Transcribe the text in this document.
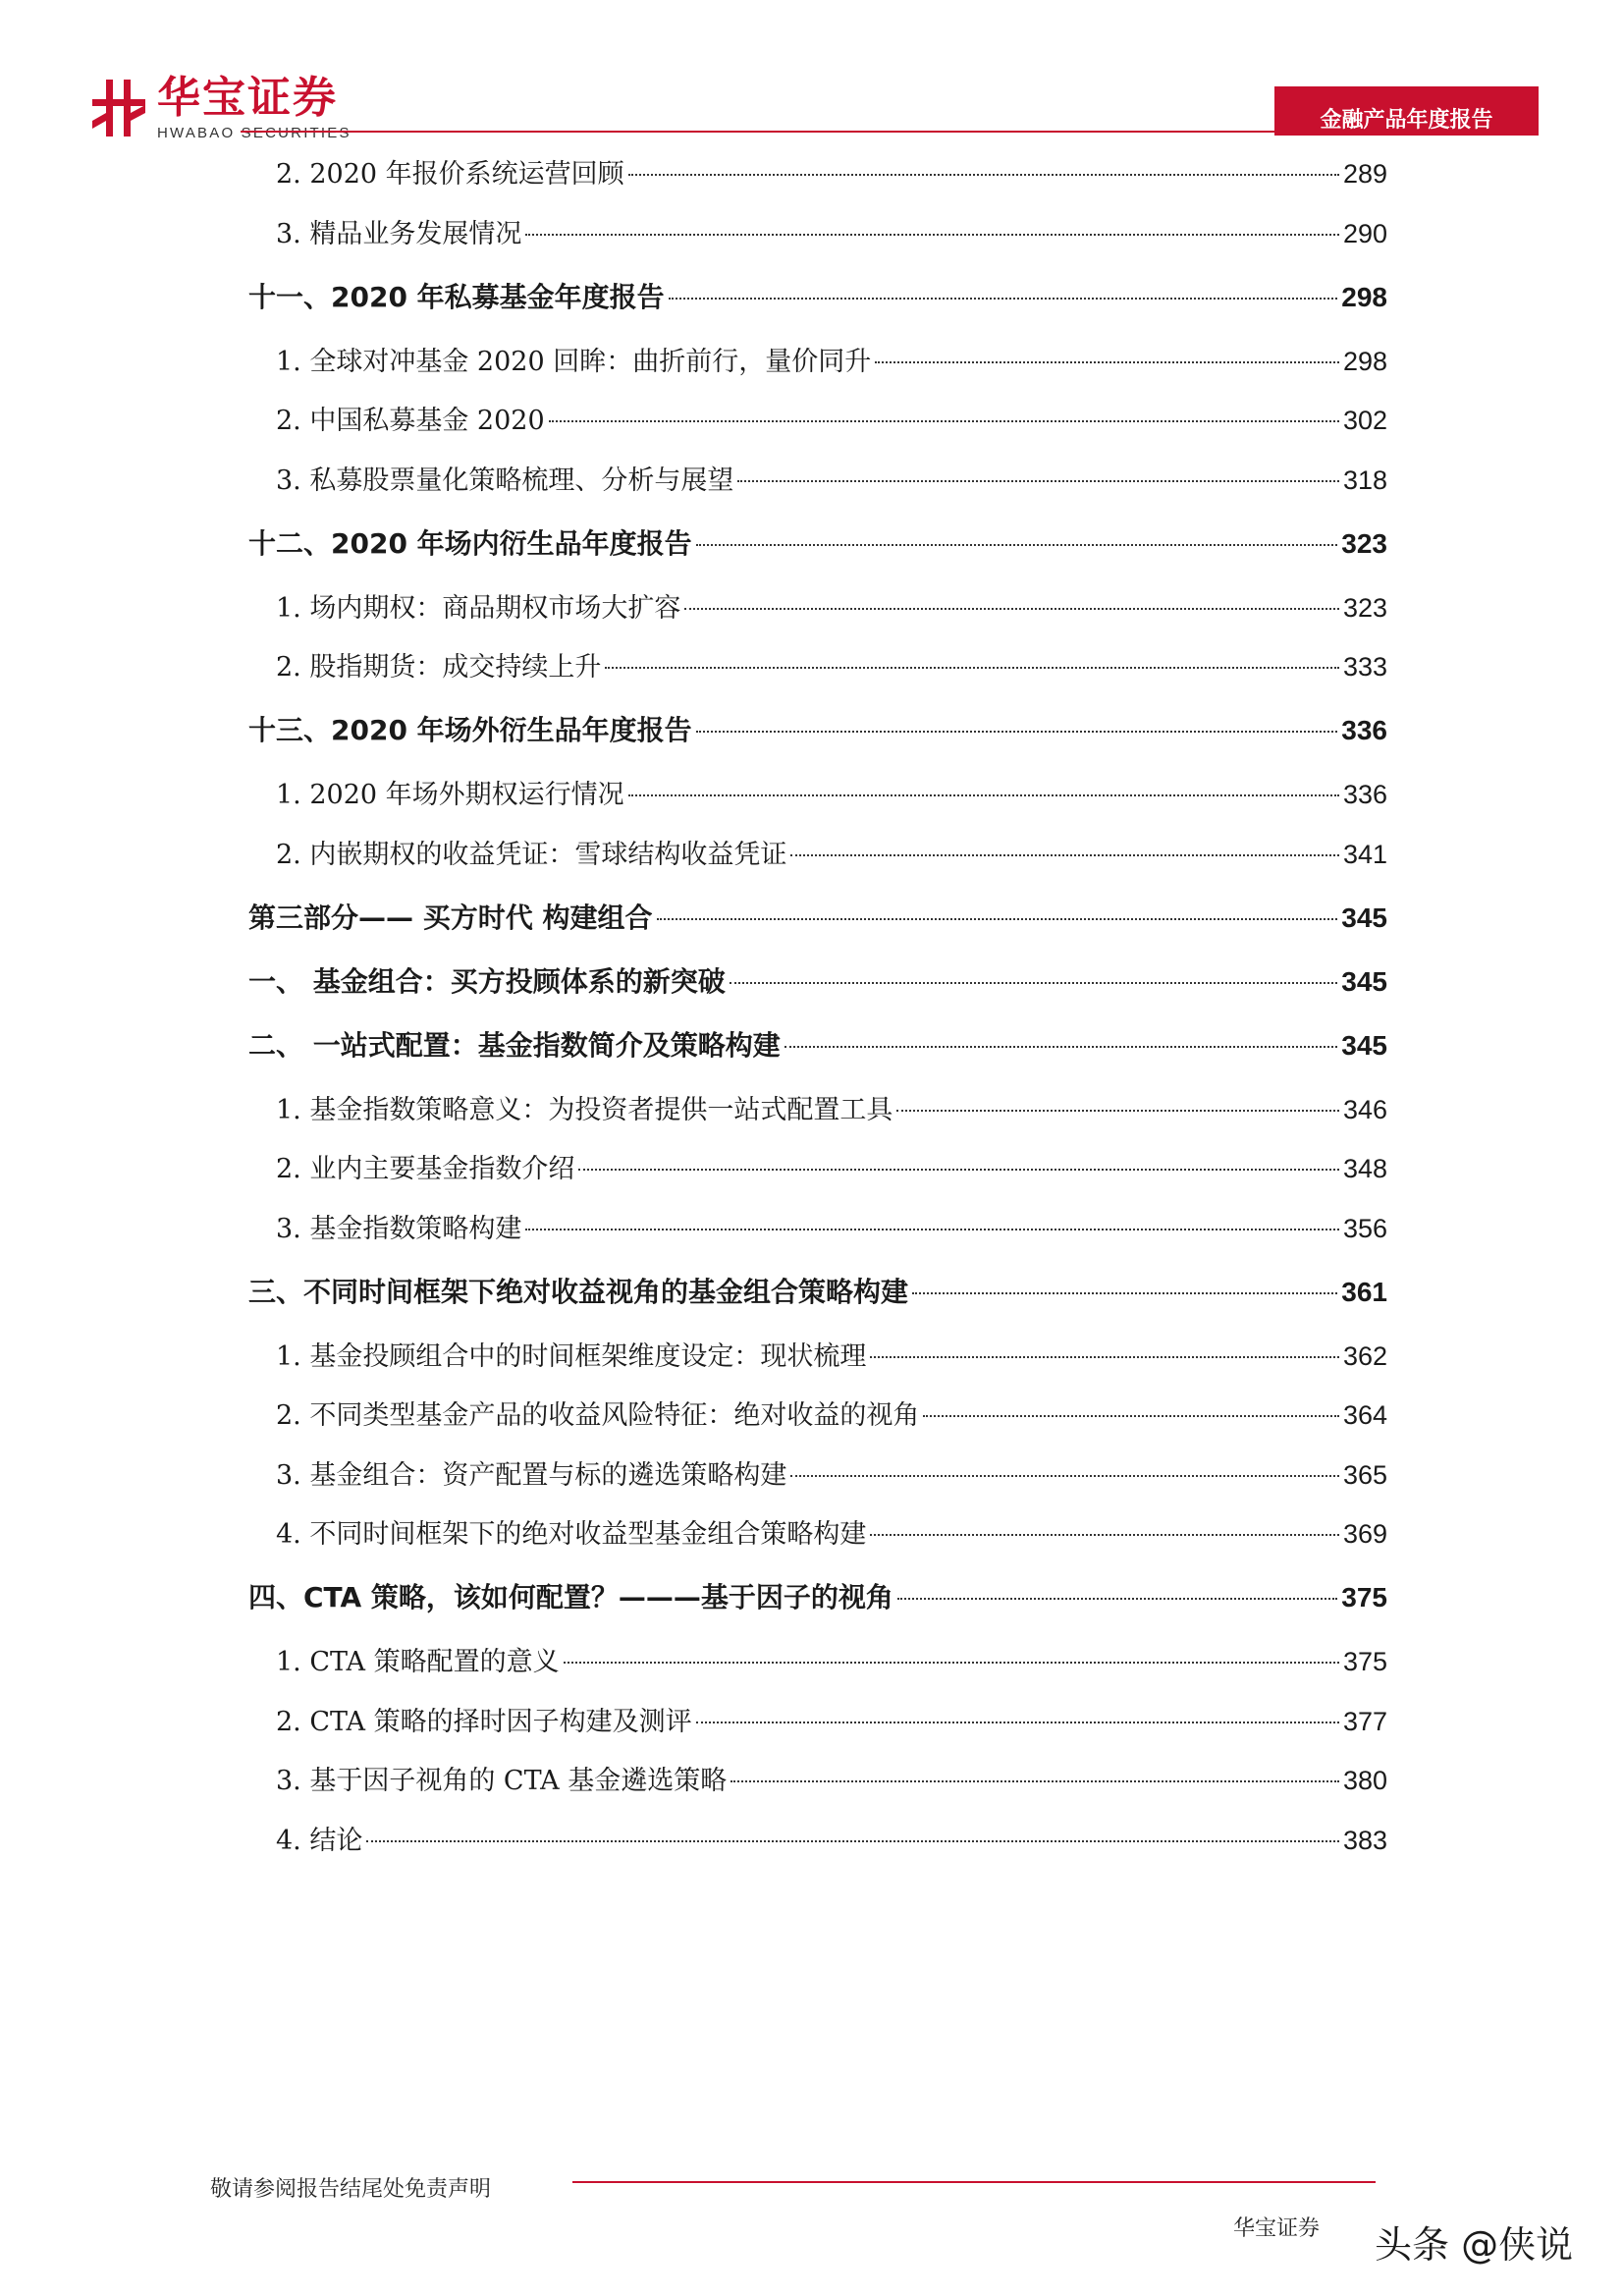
华宝证券
HWABAO SECURITIES	金融产品年度报告
2. 2020 年报价系统运营回顾	289
3. 精品业务发展情况	290
十一、2020 年私募基金年度报告	298
1. 全球对冲基金 2020 回眸：曲折前行，量价同升	298
2. 中国私募基金 2020	302
3. 私募股票量化策略梳理、分析与展望	318
十二、2020 年场内衍生品年度报告	323
1. 场内期权：商品期权市场大扩容	323
2. 股指期货：成交持续上升	333
十三、2020 年场外衍生品年度报告	336
1. 2020 年场外期权运行情况	336
2. 内嵌期权的收益凭证：雪球结构收益凭证	341
第三部分—— 买方时代 构建组合	345
一、 基金组合：买方投顾体系的新突破	345
二、 一站式配置：基金指数简介及策略构建	345
1. 基金指数策略意义：为投资者提供一站式配置工具	346
2. 业内主要基金指数介绍	348
3. 基金指数策略构建	356
三、不同时间框架下绝对收益视角的基金组合策略构建	361
1. 基金投顾组合中的时间框架维度设定：现状梳理	362
2. 不同类型基金产品的收益风险特征：绝对收益的视角	364
3. 基金组合：资产配置与标的遴选策略构建	365
4. 不同时间框架下的绝对收益型基金组合策略构建	369
四、CTA 策略，该如何配置？———基于因子的视角	375
1. CTA 策略配置的意义	375
2. CTA 策略的择时因子构建及测评	377
3. 基于因子视角的 CTA 基金遴选策略	380
4. 结论	383
敬请参阅报告结尾处免责声明
华宝证券 头条 @侠说
